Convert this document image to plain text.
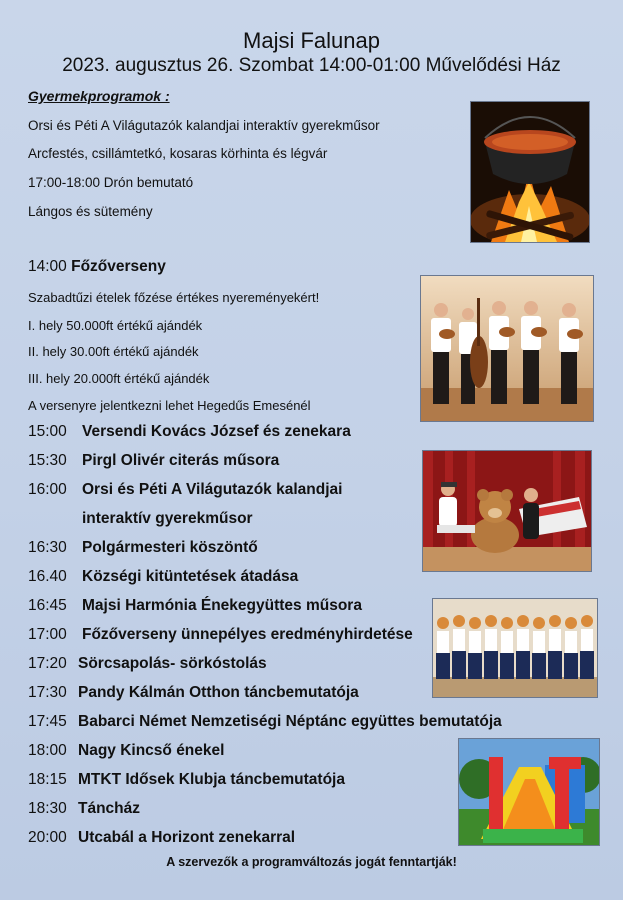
Majsi Falunap
2023. augusztus 26. Szombat 14:00-01:00 Művelődési Ház
Gyermekprogramok :
Orsi és Péti A Világutazók kalandjai interaktív gyerekműsor
Arcfestés, csillámtetkó, kosaras körhinta és légvár
17:00-18:00 Drón bemutató
Lángos és sütemény
14:00 Főzőverseny
Szabadtűzi ételek főzése értékes nyereményekért!
I. hely 50.000ft értékű ajándék
II. hely 30.00ft értékű ajándék
III. hely 20.000ft értékű ajándék
A versenyre jelentkezni lehet Hegedűs Emesénél
15:00 Versendi Kovács József és zenekara
15:30 Pirgl Olivér citerás műsora
16:00 Orsi és Péti A Világutazók kalandjai
interaktív gyerekműsor
16:30 Polgármesteri köszöntő
16.40 Községi kitüntetések átadása
16:45 Majsi Harmónia Énekegyüttes műsora
17:00 Főzőverseny ünnepélyes eredményhirdetése
17:20 Sörcsapolás- sörkóstolás
17:30 Pandy Kálmán Otthon táncbemutatója
17:45 Babarci Német Nemzetiségi Néptánc együttes bemutatója
18:00 Nagy Kincső énekel
18:15 MTKT Idősek Klubja táncbemutatója
18:30 Táncház
20:00 Utcabál a Horizont zenekarral
A szervezők a programváltozás jogát fenntartják!
